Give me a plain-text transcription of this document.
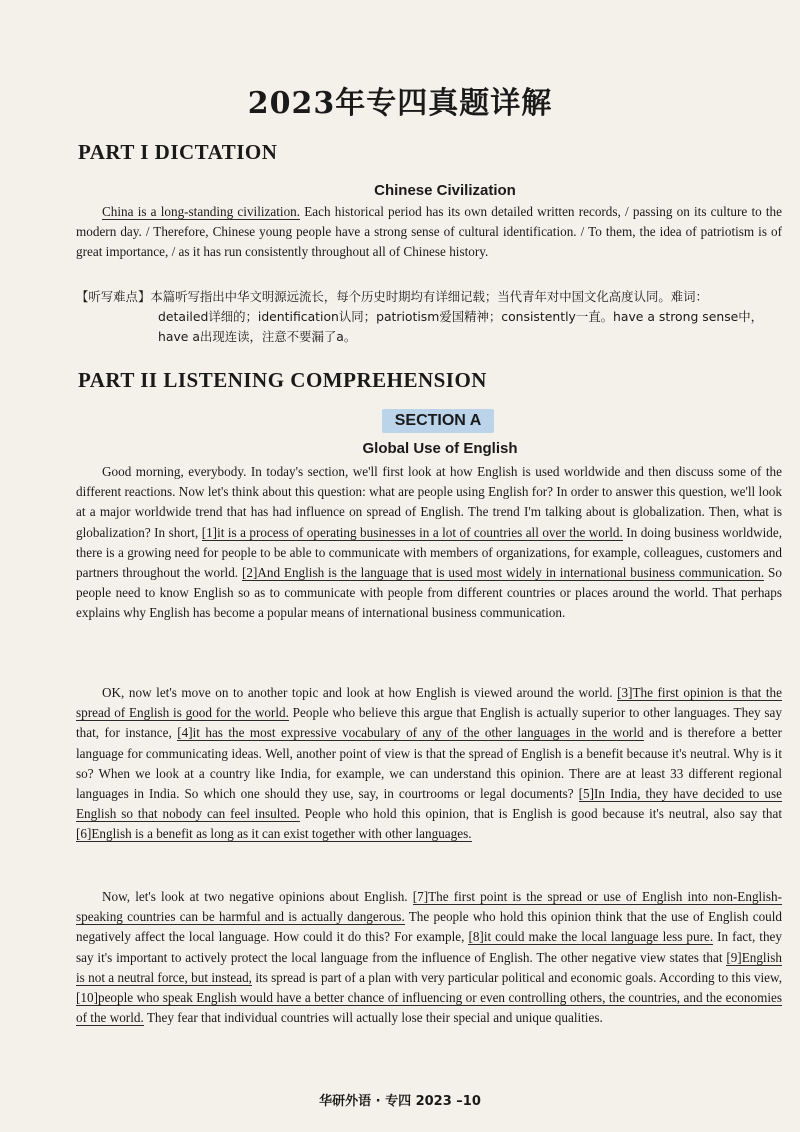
2023年专四真题详解
PART I DICTATION
Chinese Civilization
China is a long-standing civilization. Each historical period has its own detailed written records, / passing on its culture to the modern day. / Therefore, Chinese young people have a strong sense of cultural identification. / To them, the idea of patriotism is of great importance, / as it has run consistently throughout all of Chinese history.
【听写难点】本篇听写指出中华文明源远流长，每个历史时期均有详细记载；当代青年对中国文化高度认同。难词：
detailed详细的；identification认同；patriotism爱国精神；consistently一直。have a strong sense中，
have a出现连读，注意不要漏了a。
PART II LISTENING COMPREHENSION
SECTION A
Global Use of English
Good morning, everybody. In today's section, we'll first look at how English is used worldwide and then discuss some of the different reactions. Now let's think about this question: what are people using English for? In order to answer this question, we'll look at a major worldwide trend that has had influence on spread of English. The trend I'm talking about is globalization. Then, what is globalization? In short, [1]it is a process of operating businesses in a lot of countries all over the world. In doing business worldwide, there is a growing need for people to be able to communicate with members of organizations, for example, colleagues, customers and partners throughout the world. [2]And English is the language that is used most widely in international business communication. So people need to know English so as to communicate with people from different countries or places around the world. That perhaps explains why English has become a popular means of international business communication.
OK, now let's move on to another topic and look at how English is viewed around the world. [3]The first opinion is that the spread of English is good for the world. People who believe this argue that English is actually superior to other languages. They say that, for instance, [4]it has the most expressive vocabulary of any of the other languages in the world and is therefore a better language for communicating ideas. Well, another point of view is that the spread of English is a benefit because it's neutral. Why is it so? When we look at a country like India, for example, we can understand this opinion. There are at least 33 different regional languages in India. So which one should they use, say, in courtrooms or legal documents? [5]In India, they have decided to use English so that nobody can feel insulted. People who hold this opinion, that is English is good because it's neutral, also say that [6]English is a benefit as long as it can exist together with other languages.
Now, let's look at two negative opinions about English. [7]The first point is the spread or use of English into non-English-speaking countries can be harmful and is actually dangerous. The people who hold this opinion think that the use of English could negatively affect the local language. How could it do this? For example, [8]it could make the local language less pure. In fact, they say it's important to actively protect the local language from the influence of English. The other negative view states that [9]English is not a neutral force, but instead, its spread is part of a plan with very particular political and economic goals. According to this view, [10]people who speak English would have a better chance of influencing or even controlling others, the countries, and the economies of the world. They fear that individual countries will actually lose their special and unique qualities.
华研外语 · 专四 2023 –10
